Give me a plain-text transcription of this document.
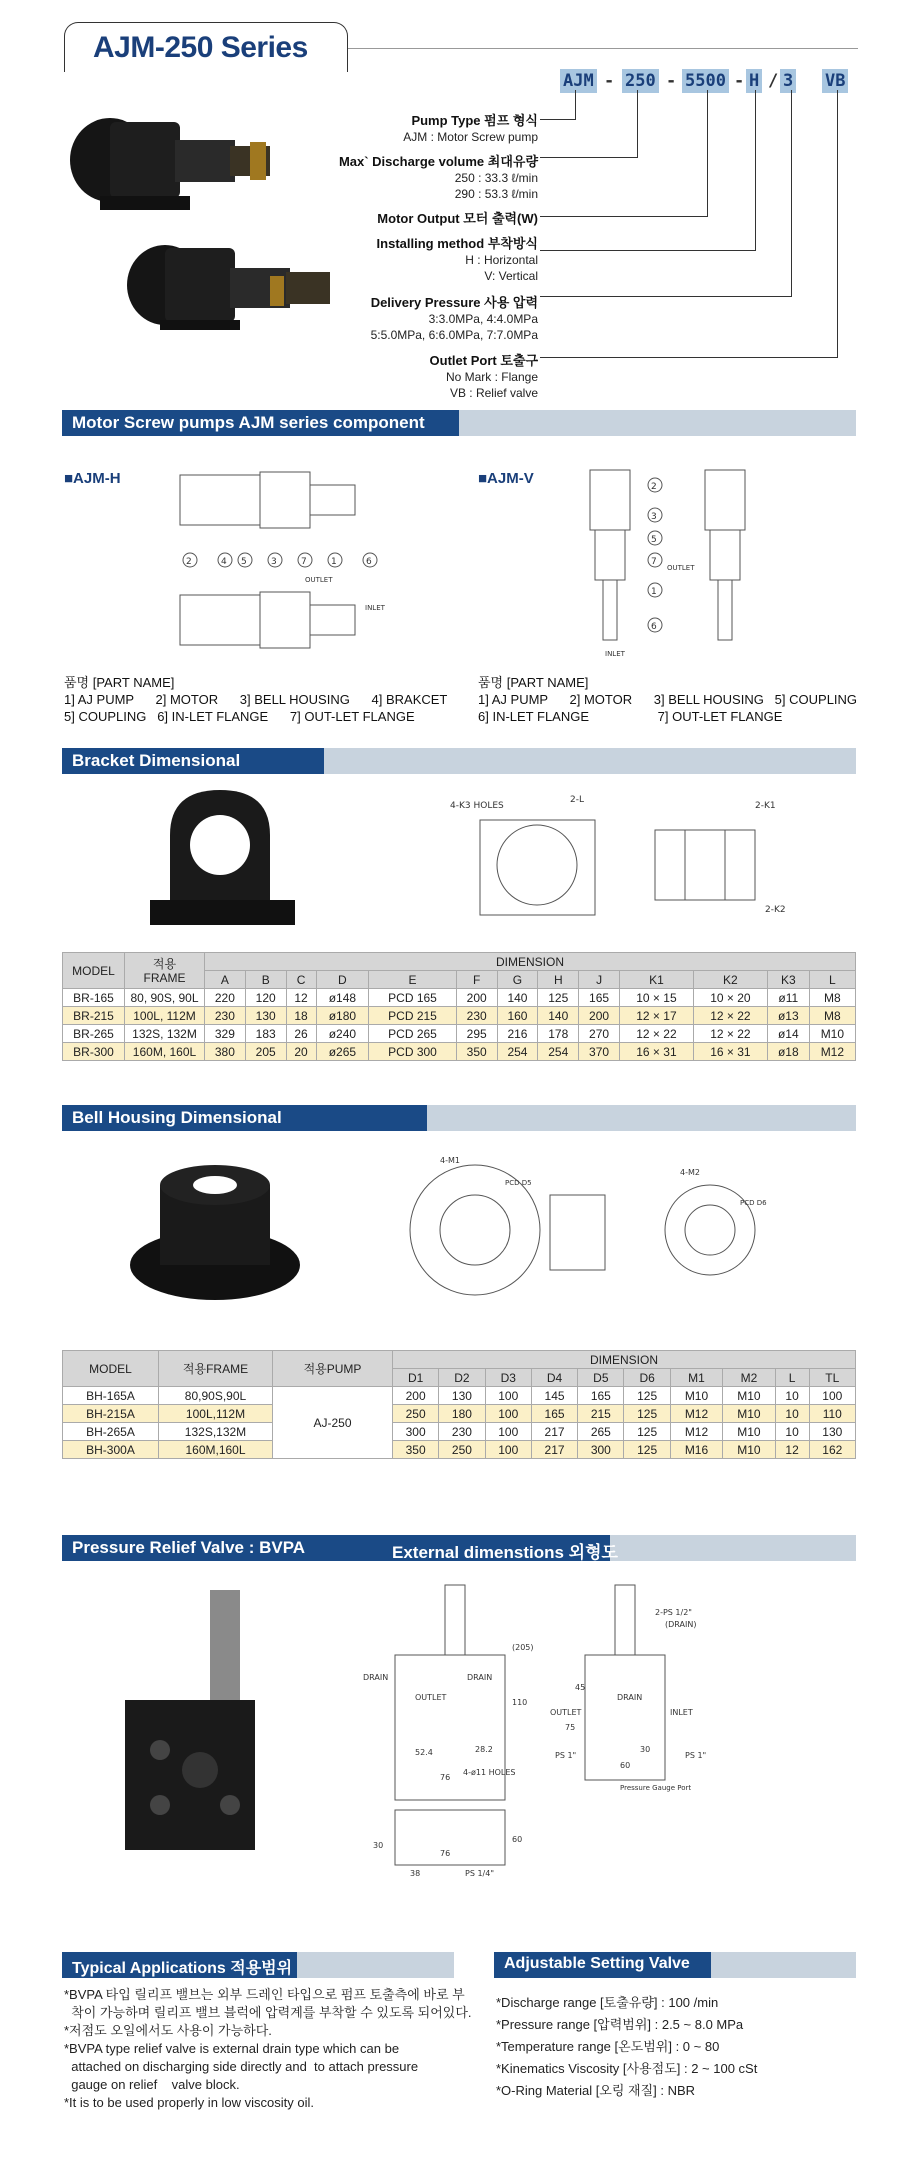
AJM-250 Series
AJM - 250 - 5500 - H / 3 VB
Pump Type 펌프 형식
AJM : Motor Screw pump
Max` Discharge volume 최대유량
250 : 33.3 ℓ/min
290 : 53.3 ℓ/min
Motor Output 모터 출력(W)
Installing method 부착방식
H : Horizontal
V: Vertical
Delivery Pressure 사용 압력
3:3.0MPa, 4:4.0MPa
5:5.0MPa, 6:6.0MPa, 7:7.0MPa
Outlet Port 토출구
No Mark : Flange
VB : Relief valve
Motor Screw pumps AJM series component
■AJM-H	■AJM-V
2	4 5	3	7	1	6
OUTLET
INLET
2
3
5
7
1
6
OUTLET
INLET
품명 [PART NAME]
1] AJ PUMP      2] MOTOR      3] BELL HOUSING      4] BRAKCET
5] COUPLING   6] IN-LET FLANGE      7] OUT-LET FLANGE
품명 [PART NAME]
1] AJ PUMP      2] MOTOR      3] BELL HOUSING   5] COUPLING
6] IN-LET FLANGE                   7] OUT-LET FLANGE
Bracket Dimensional
4-K3 HOLES
2-L
2-K1
2-K2
MODEL	적용
FRAME	DIMENSION												
		A	B	C	D	E	F	G	H	J	K1	K2	K3	L
BR-165	80, 90S, 90L	220	120	12	ø148	PCD 165	200	140	125	165	10 × 15	10 × 20	ø11	M8
BR-215	100L, 112M	230	130	18	ø180	PCD 215	230	160	140	200	12 × 17	12 × 22	ø13	M8
BR-265	132S, 132M	329	183	26	ø240	PCD 265	295	216	178	270	12 × 22	12 × 22	ø14	M10
BR-300	160M, 160L	380	205	20	ø265	PCD 300	350	254	254	370	16 × 31	16 × 31	ø18	M12
Bell Housing Dimensional
4-M1
4-M2
PCD D5
PCD D6
MODEL	적용FRAME	적용PUMP	DIMENSION									
			D1	D2	D3	D4	D5	D6	M1	M2	L	TL
BH-165A	80,90S,90L	AJ-250	200	130	100	145	165	125	M10	M10	10	100
BH-215A	100L,112M		250	180	100	165	215	125	M12	M10	10	110
BH-265A	132S,132M		300	230	100	217	265	125	M12	M10	10	130
BH-300A	160M,160L		350	250	100	217	300	125	M16	M10	12	162
Pressure Relief Valve : BVPA	External dimenstions 외형도
DRAIN	DRAIN
OUTLET
(205)
110
28.2
52.4
76
4-ø11 HOLES
2-PS 1/2"
(DRAIN)
DRAIN
OUTLET	INLET
45
75
30
60
PS 1"	PS 1"
Pressure Gauge Port
30
60
38
76
PS 1/4"
Typical Applications 적용범위	Adjustable Setting Valve
*BVPA 타입 릴리프 밸브는 외부 드레인 타입으로 펌프 토출측에 바로 부
착이 가능하며 릴리프 밸브 블럭에 압력계를 부착할 수 있도록 되어있다.
*저점도 오일에서도 사용이 가능하다.
*BVPA type relief valve is external drain type which can be
attached on discharging side directly and  to attach pressure
gauge on relief    valve block.
*It is to be used properly in low viscosity oil.
*Discharge range [토출유량] : 100 /min
*Pressure range [압력범위] : 2.5 ~ 8.0 MPa
*Temperature range [온도범위] : 0 ~ 80
*Kinematics Viscosity [사용점도] : 2 ~ 100 cSt
*O-Ring Material [오링 재질] : NBR
